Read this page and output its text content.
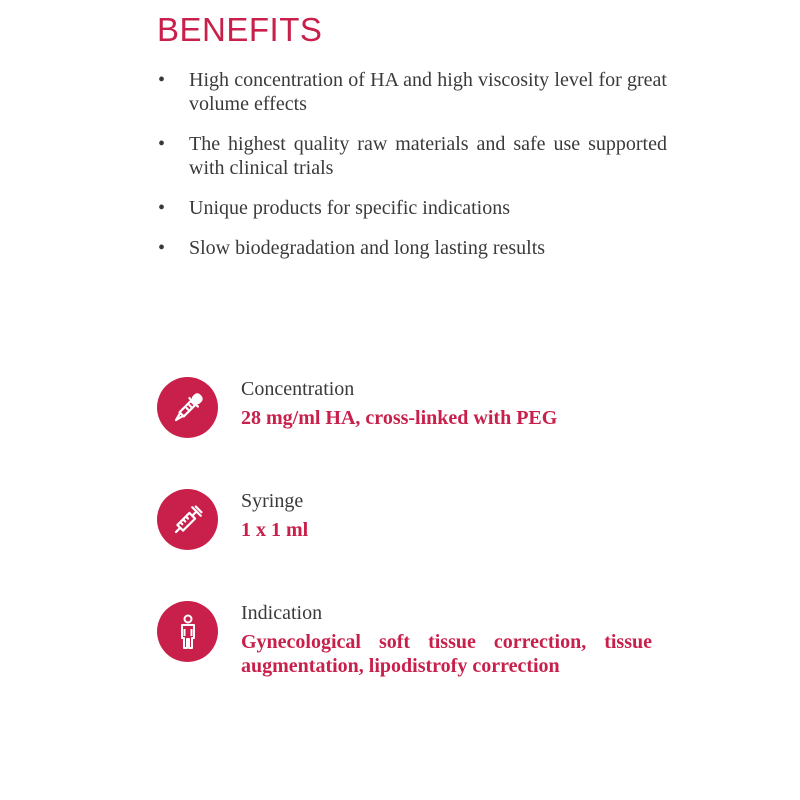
BENEFITS
• High concentration of HA and high viscosity level for great volume effects
• The highest quality raw materials and safe use supported with clinical trials
• Unique products for specific indications
• Slow biodegradation and long lasting results
Concentration
28 mg/ml HA, cross-linked with PEG
Syringe
1 x 1 ml
Indication
Gynecological soft tissue correction, tissue augmentation, lipodistrofy correction
